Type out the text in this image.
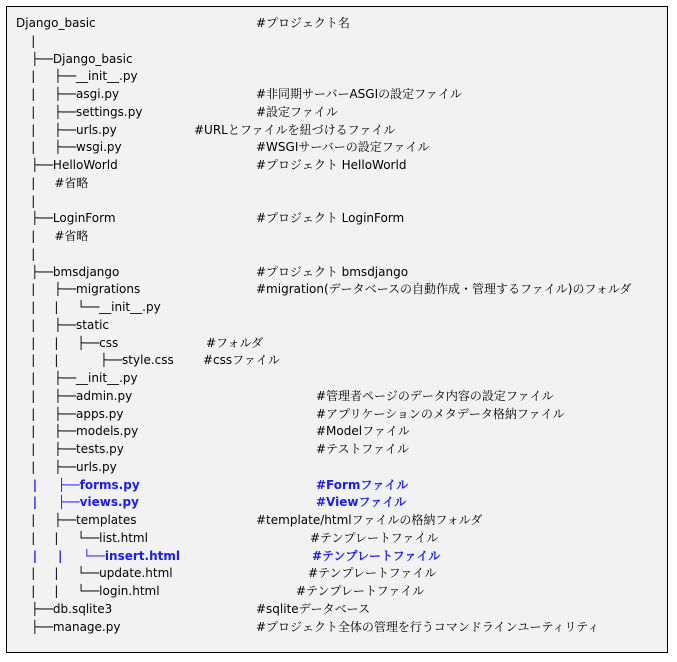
Django_basic	#プロジェクト名
|
├──Django_basic
|     ├──__init__.py
|     ├──asgi.py	#非同期サーバーASGIの設定ファイル
|     ├──settings.py	#設定ファイル
|     ├──urls.py	#URLとファイルを紐づけるファイル
|     ├──wsgi.py	#WSGIサーバーの設定ファイル
├──HelloWorld	#プロジェクト HelloWorld
|     #省略
|
├──LoginForm	#プロジェクト LoginForm
|     #省略
|
├──bmsdjango	#プロジェクト bmsdjango
|     ├──migrations	#migration(データベースの自動作成・管理するファイル)のフォルダ
|     |     └──__init__.py
|     ├──static
|     |     ├──css	#フォルダ
|     |           ├──style.css #cssファイル
|     ├──__init__.py
|     ├──admin.py	#管理者ページのデータ内容の設定ファイル
|     ├──apps.py	#アプリケーションのメタデータ格納ファイル
|     ├──models.py	#Modelファイル
|     ├──tests.py	#テストファイル
|     ├──urls.py
|     ├──forms.py	#Formファイル
|     ├──views.py	#Viewファイル
|     ├──templates	#template/htmlファイルの格納フォルダ
|     |     └──list.html	#テンプレートファイル
|     |     └──insert.html	#テンプレートファイル
|     |     └──update.html	#テンプレートファイル
|     |     └──login.html	#テンプレートファイル
├──db.sqlite3	#sqliteデータベース
├──manage.py	#プロジェクト全体の管理を行うコマンドラインユーティリティ
